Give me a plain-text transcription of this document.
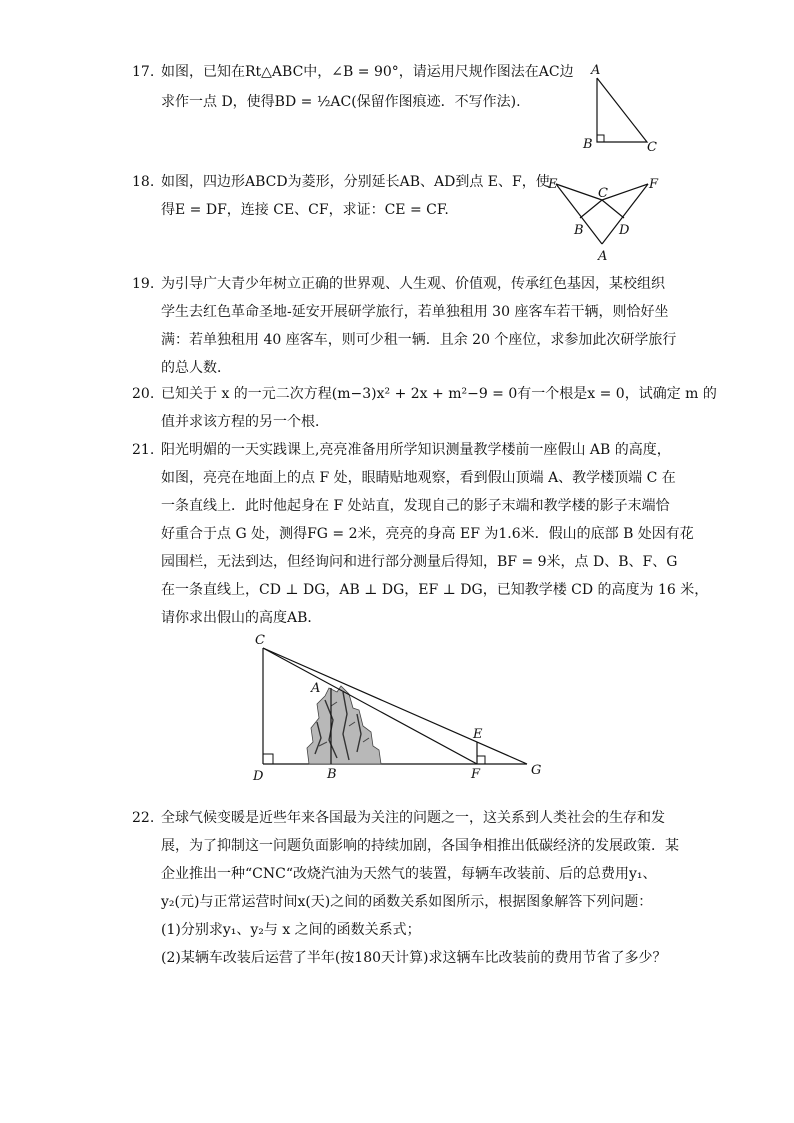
17. 如图，已知在Rt△ABC中，∠B = 90°，请运用尺规作图法在AC边
求作一点 D，使得BD = ½AC(保留作图痕迹．不写作法).
A
B	C
18. 如图，四边形ABCD为菱形，分别延长AB、AD到点 E、F，使
得E = DF，连接 CE、CF，求证：CE = CF.
E
C
F
B	D
A
19. 为引导广大青少年树立正确的世界观、人生观、价值观，传承红色基因，某校组织
学生去红色革命圣地-延安开展研学旅行，若单独租用 30 座客车若干辆，则恰好坐
满：若单独租用 40 座客车，则可少租一辆．且余 20 个座位，求参加此次研学旅行
的总人数．
20. 已知关于 x 的一元二次方程(m−3)x² + 2x + m²−9 = 0有一个根是x = 0，试确定 m 的
值并求该方程的另一个根．
21. 阳光明媚的一天实践课上,亮亮准备用所学知识测量教学楼前一座假山 AB 的高度，
如图，亮亮在地面上的点 F 处，眼睛贴地观察，看到假山顶端 A、教学楼顶端 C 在
一条直线上．此时他起身在 F 处站直，发现自己的影子末端和教学楼的影子末端恰
好重合于点 G 处，测得FG = 2米，亮亮的身高 EF 为1.6米．假山的底部 B 处因有花
园围栏，无法到达，但经询问和进行部分测量后得知，BF = 9米，点 D、B、F、G
在一条直线上，CD ⊥ DG，AB ⊥ DG，EF ⊥ DG，已知教学楼 CD 的高度为 16 米，
请你求出假山的高度AB．
C
A
E
D	B	F	G
22. 全球气候变暖是近些年来各国最为关注的问题之一，这关系到人类社会的生存和发
展，为了抑制这一问题负面影响的持续加剧，各国争相推出低碳经济的发展政策．某
企业推出一种“CNC“改烧汽油为天然气的装置，每辆车改装前、后的总费用y₁、
y₂(元)与正常运营时间x(天)之间的函数关系如图所示，根据图象解答下列问题：
(1)分别求y₁、y₂与 x 之间的函数关系式；
(2)某辆车改装后运营了半年(按180天计算)求这辆车比改装前的费用节省了多少？
